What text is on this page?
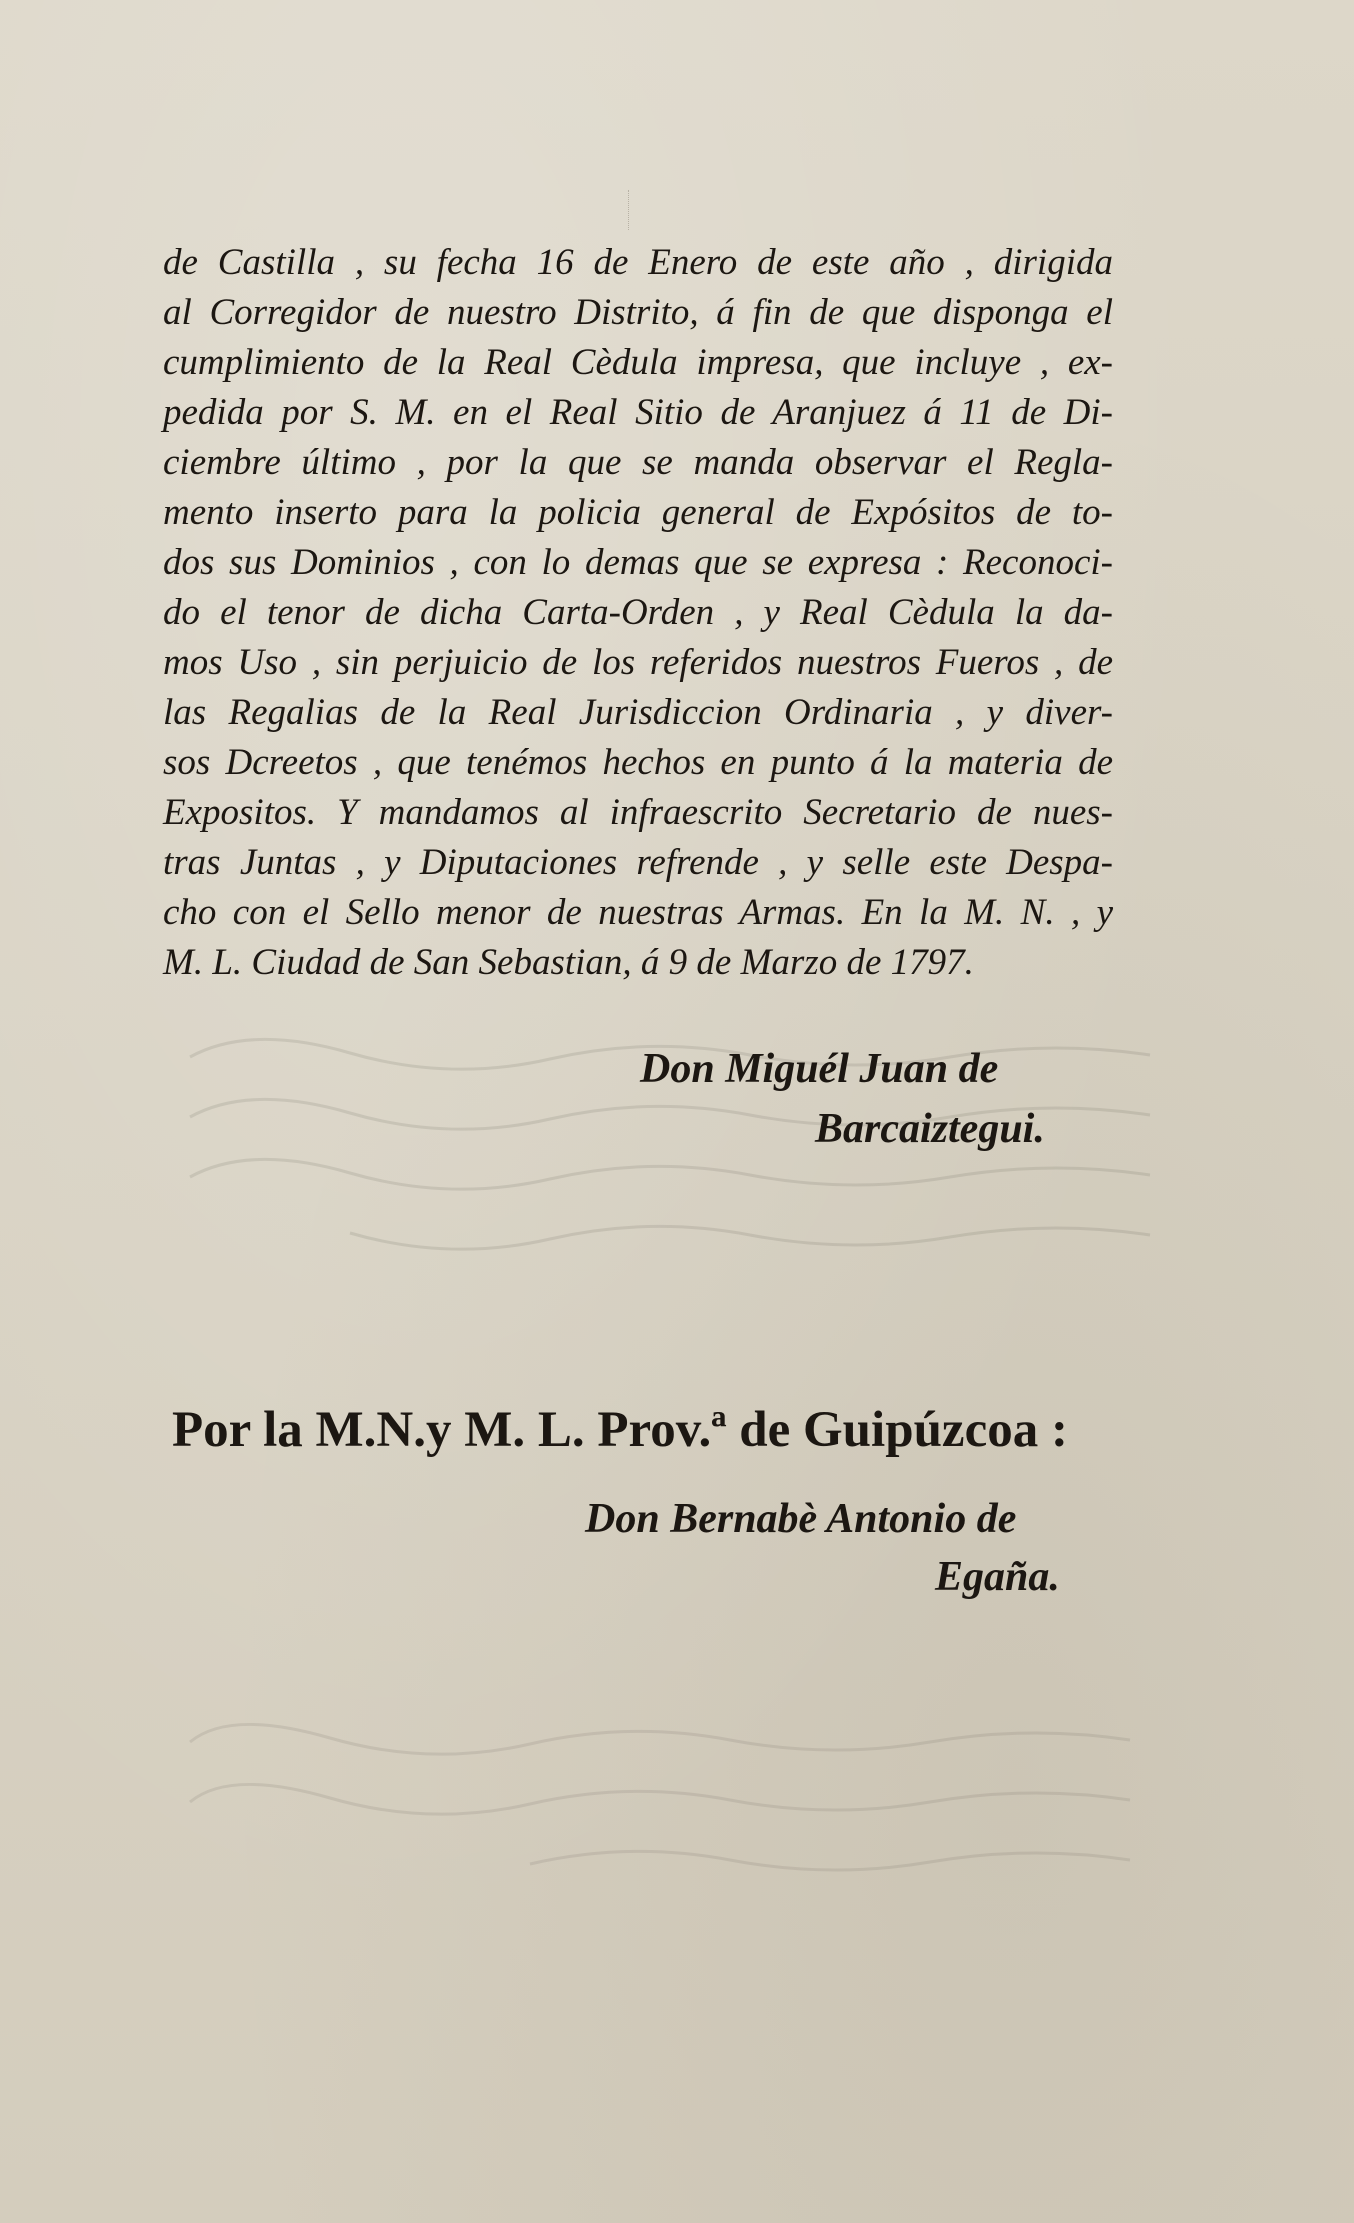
de Castilla , su fecha 16 de Enero de este año , dirigida
al Corregidor de nuestro Distrito, á fin de que disponga el
cumplimiento de la Real Cèdula impresa, que incluye , ex-
pedida por S. M. en el Real Sitio de Aranjuez á 11 de Di-
ciembre último , por la que se manda observar el Regla-
mento inserto para la policia general de Expósitos de to-
dos sus Dominios , con lo demas que se expresa : Reconoci-
do el tenor de dicha Carta-Orden , y Real Cèdula la da-
mos Uso , sin perjuicio de los referidos nuestros Fueros , de
las Regalias de la Real Jurisdiccion Ordinaria , y diver-
sos Dcreetos , que tenémos hechos en punto á la materia de
Expositos. Y mandamos al infraescrito Secretario de nues-
tras Juntas , y Diputaciones refrende , y selle este Despa-
cho con el Sello menor de nuestras Armas. En la M. N. , y
M. L. Ciudad de San Sebastian, á 9 de Marzo de 1797.

Don Miguél Juan de
Barcaiztegui.
Por la M.N.y M. L. Prov.ª de Guipúzcoa :
Don Bernabè Antonio de
Egaña.
